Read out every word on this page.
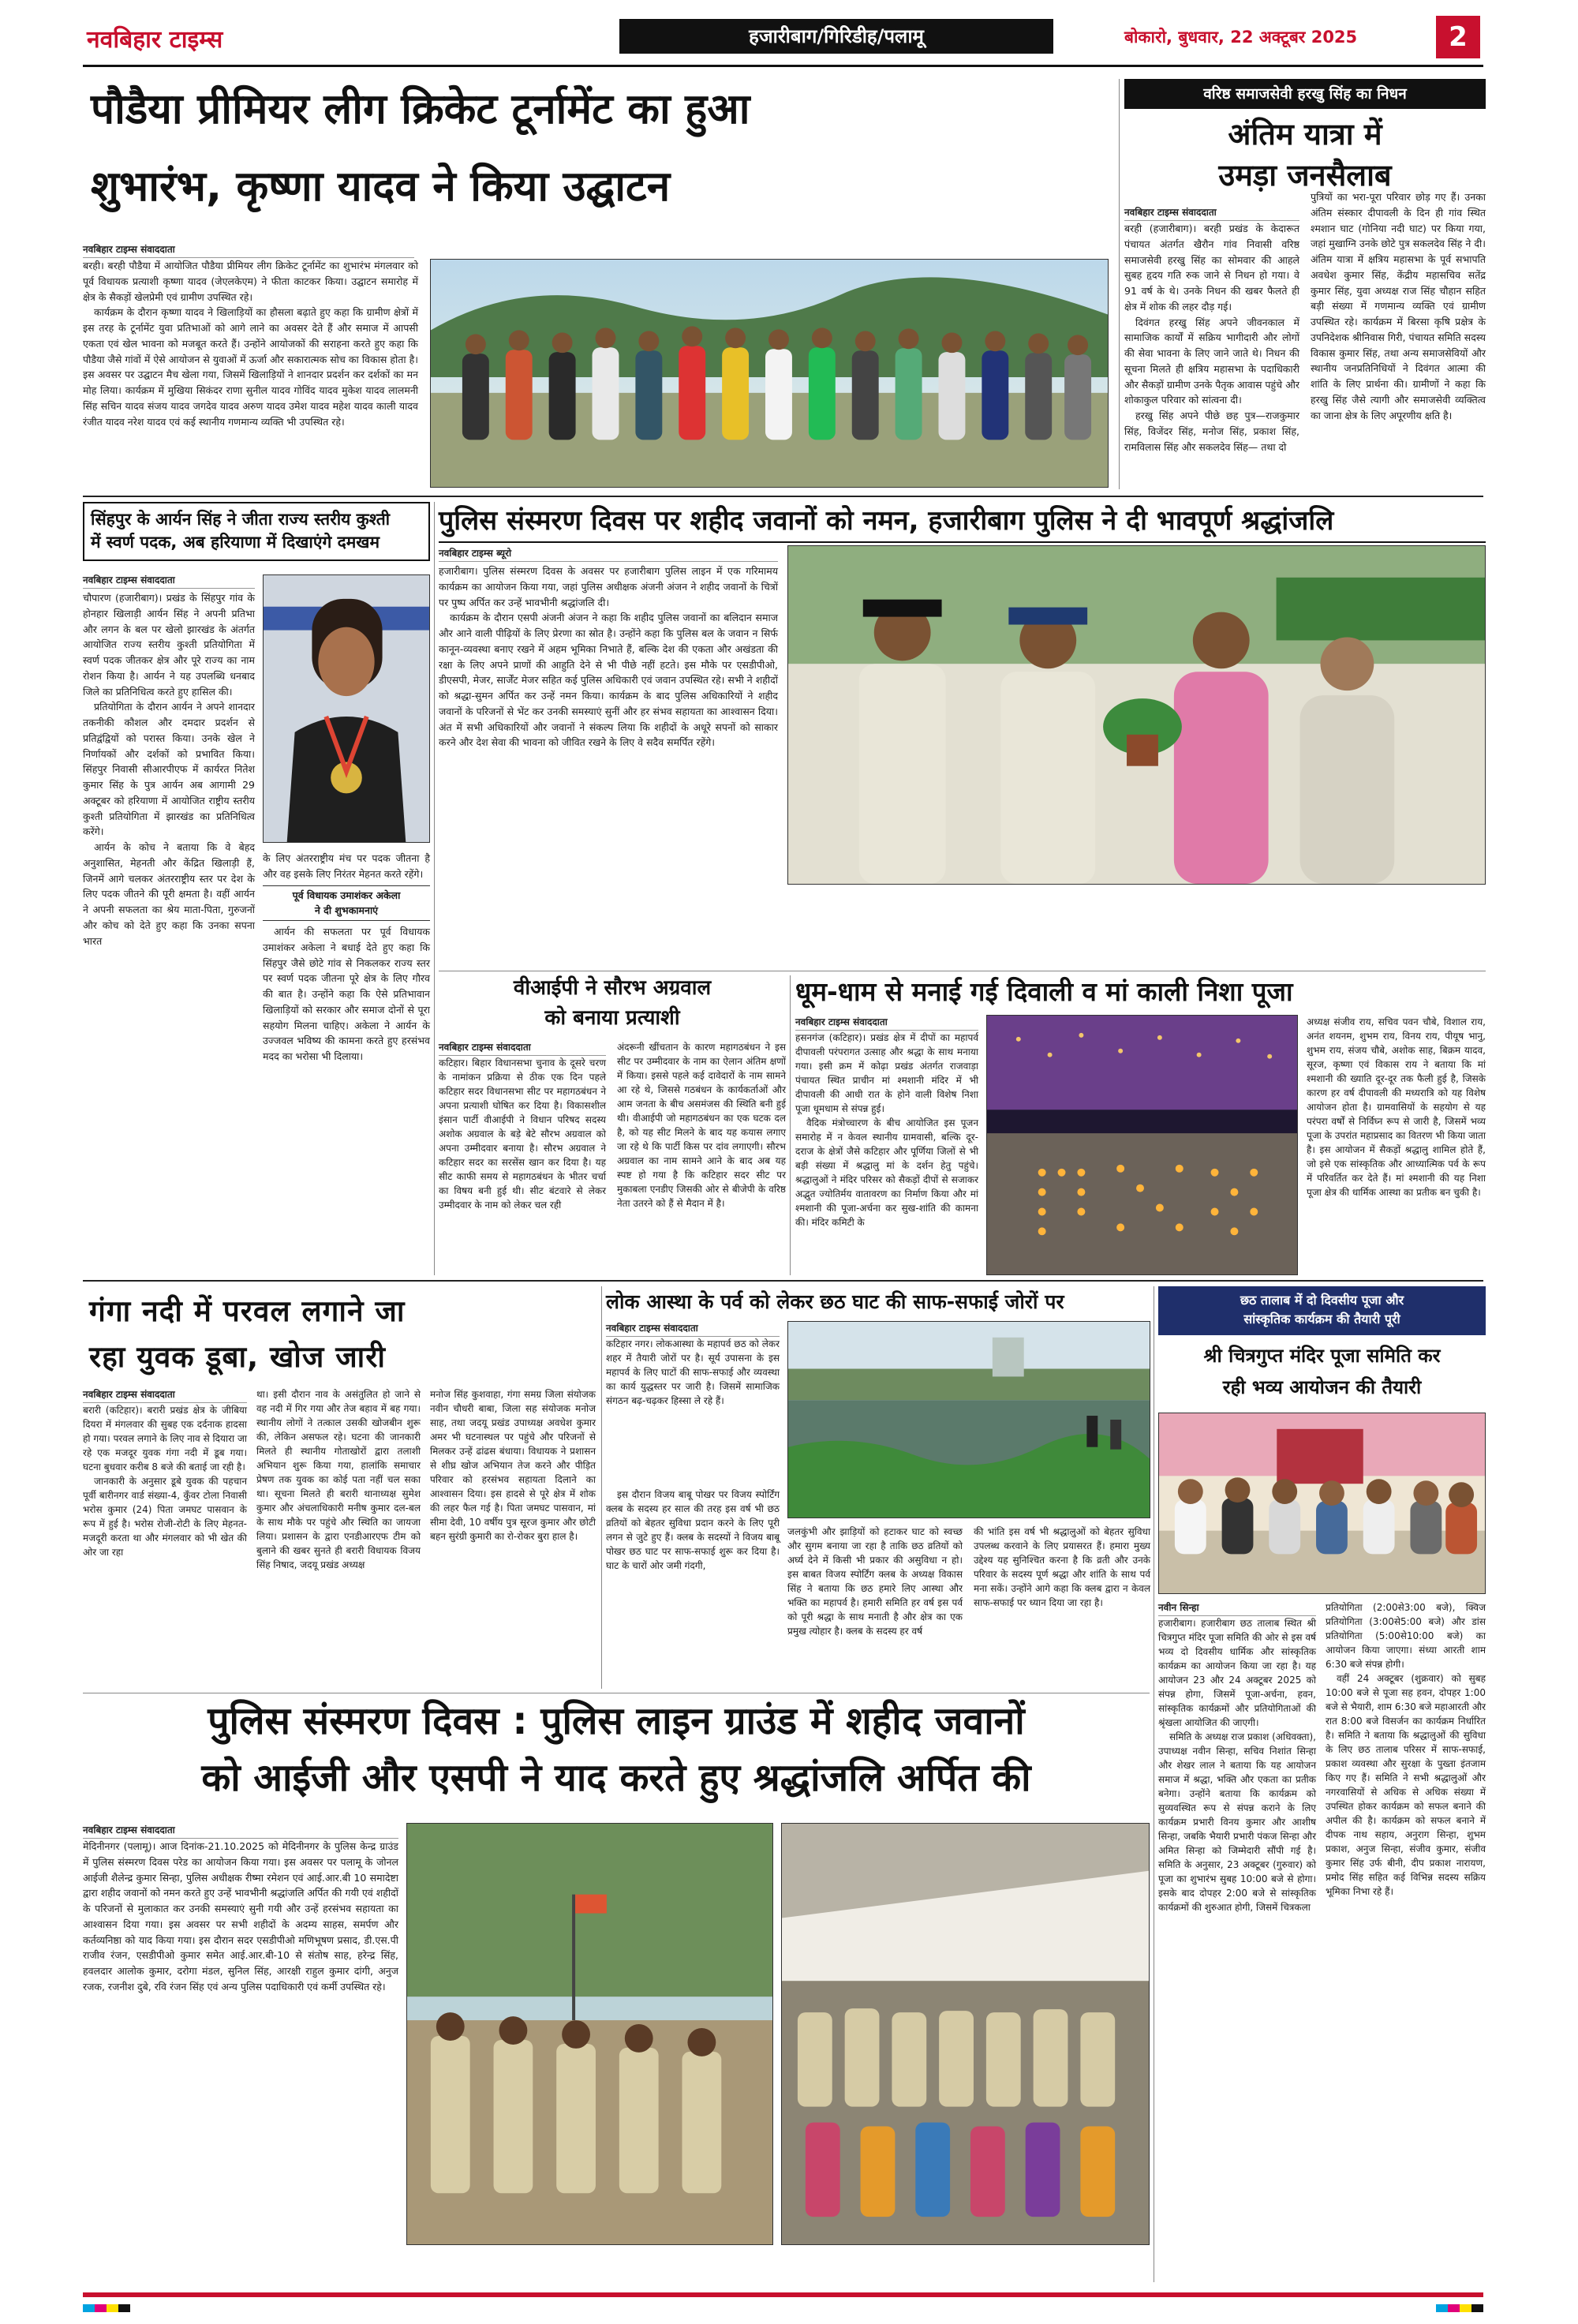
नवबिहार टाइम्स	हजारीबाग/गिरिडीह/पलामू	बोकारो, बुधवार, 22 अक्टूबर 2025	2
पौडैया प्रीमियर लीग क्रिकेट टूर्नामेंट का हुआ
शुभारंभ, कृष्णा यादव ने किया उद्घाटन
नवबिहार टाइम्स संवाददाता

बरही। बरही पौडैया में आयोजित पौडैया प्रीमियर लीग क्रिकेट टूर्नामेंट का शुभारंभ मंगलवार को पूर्व विधायक प्रत्याशी कृष्णा यादव (जेएलकेएम) ने फीता काटकर किया। उद्घाटन समारोह में क्षेत्र के सैकड़ों खेलप्रेमी एवं ग्रामीण उपस्थित रहे।

कार्यक्रम के दौरान कृष्णा यादव ने खिलाड़ियों का हौसला बढ़ाते हुए कहा कि ग्रामीण क्षेत्रों में इस तरह के टूर्नामेंट युवा प्रतिभाओं को आगे लाने का अवसर देते हैं और समाज में आपसी एकता एवं खेल भावना को मजबूत करते हैं। उन्होंने आयोजकों की सराहना करते हुए कहा कि पौडैया जैसे गांवों में ऐसे आयोजन से युवाओं में ऊर्जा और सकारात्मक सोच का विकास होता है। इस अवसर पर उद्घाटन मैच खेला गया, जिसमें खिलाड़ियों ने शानदार प्रदर्शन कर दर्शकों का मन मोह लिया। कार्यक्रम में मुखिया सिकंदर राणा सुनील यादव गोविंद यादव मुकेश यादव लालमनी सिंह सचिन यादव संजय यादव जगदेव यादव अरुण यादव उमेश यादव महेश यादव काली यादव रंजीत यादव नरेश यादव एवं कई स्थानीय गणमान्य व्यक्ति भी उपस्थित रहे।

वरिष्ठ समाजसेवी हरखु सिंह का निधन
अंतिम यात्रा में
उमड़ा जनसैलाब
नवबिहार टाइम्स संवाददाता

बरही (हजारीबाग)। बरही प्रखंड के केदारूत पंचायत अंतर्गत खैरौन गांव निवासी वरिष्ठ समाजसेवी हरखु सिंह का सोमवार की आहले सुबह हृदय गति रुक जाने से निधन हो गया। वे 91 वर्ष के थे। उनके निधन की खबर फैलते ही क्षेत्र में शोक की लहर दौड़ गई।

दिवंगत हरखु सिंह अपने जीवनकाल में सामाजिक कार्यों में सक्रिय भागीदारी और लोगों की सेवा भावना के लिए जाने जाते थे। निधन की सूचना मिलते ही क्षत्रिय महासभा के पदाधिकारी और सैकड़ों ग्रामीण उनके पैतृक आवास पहुंचे और शोकाकुल परिवार को सांत्वना दी।

हरखु सिंह अपने पीछे छह पुत्र—राजकुमार सिंह, विजेंदर सिंह, मनोज सिंह, प्रकाश सिंह, रामविलास सिंह और सकलदेव सिंह— तथा दो

पुत्रियों का भरा-पूरा परिवार छोड़ गए हैं। उनका अंतिम संस्कार दीपावली के दिन ही गांव स्थित श्मशान घाट (गोनिया नदी घाट) पर किया गया, जहां मुखाग्नि उनके छोटे पुत्र सकलदेव सिंह ने दी। अंतिम यात्रा में क्षत्रिय महासभा के पूर्व सभापति अवधेश कुमार सिंह, केंद्रीय महासचिव सतेंद्र कुमार सिंह, युवा अध्यक्ष राज सिंह चौहान सहित बड़ी संख्या में गणमान्य व्यक्ति एवं ग्रामीण उपस्थित रहे। कार्यक्रम में बिरसा कृषि प्रक्षेत्र के उपनिदेशक श्रीनिवास गिरी, पंचायत समिति सदस्य विकास कुमार सिंह, तथा अन्य समाजसेवियों और स्थानीय जनप्रतिनिधियों ने दिवंगत आत्मा की शांति के लिए प्रार्थना की। ग्रामीणों ने कहा कि हरखु सिंह जैसे त्यागी और समाजसेवी व्यक्तित्व का जाना क्षेत्र के लिए अपूरणीय क्षति है।

सिंहपुर के आर्यन सिंह ने जीता राज्य स्तरीय कुश्ती
में स्वर्ण पदक, अब हरियाणा में दिखाएंगे दमखम
नवबिहार टाइम्स संवाददाता

चौपारण (हजारीबाग)। प्रखंड के सिंहपुर गांव के होनहार खिलाड़ी आर्यन सिंह ने अपनी प्रतिभा और लगन के बल पर खेलो झारखंड के अंतर्गत आयोजित राज्य स्तरीय कुश्ती प्रतियोगिता में स्वर्ण पदक जीतकर क्षेत्र और पूरे राज्य का नाम रोशन किया है। आर्यन ने यह उपलब्धि धनबाद जिले का प्रतिनिधित्व करते हुए हासिल की।

प्रतियोगिता के दौरान आर्यन ने अपने शानदार तकनीकी कौशल और दमदार प्रदर्शन से प्रतिद्वंद्वियों को परास्त किया। उनके खेल ने निर्णायकों और दर्शकों को प्रभावित किया। सिंहपुर निवासी सीआरपीएफ में कार्यरत नितेश कुमार सिंह के पुत्र आर्यन अब आगामी 29 अक्टूबर को हरियाणा में आयोजित राष्ट्रीय स्तरीय कुश्ती प्रतियोगिता में झारखंड का प्रतिनिधित्व करेंगे।

आर्यन के कोच ने बताया कि वे बेहद अनुशासित, मेहनती और केंद्रित खिलाड़ी हैं, जिनमें आगे चलकर अंतरराष्ट्रीय स्तर पर देश के लिए पदक जीतने की पूरी क्षमता है। वहीं आर्यन ने अपनी सफलता का श्रेय माता-पिता, गुरुजनों और कोच को देते हुए कहा कि उनका सपना भारत

के लिए अंतरराष्ट्रीय मंच पर पदक जीतना है और वह इसके लिए निरंतर मेहनत करते रहेंगे।

पूर्व विधायक उमाशंकर अकेला
ने दी शुभकामनाएं

आर्यन की सफलता पर पूर्व विधायक उमाशंकर अकेला ने बधाई देते हुए कहा कि सिंहपुर जैसे छोटे गांव से निकलकर राज्य स्तर पर स्वर्ण पदक जीतना पूरे क्षेत्र के लिए गौरव की बात है। उन्होंने कहा कि ऐसे प्रतिभावान खिलाड़ियों को सरकार और समाज दोनों से पूरा सहयोग मिलना चाहिए। अकेला ने आर्यन के उज्जवल भविष्य की कामना करते हुए हरसंभव मदद का भरोसा भी दिलाया।

पुलिस संस्मरण दिवस पर शहीद जवानों को नमन, हजारीबाग पुलिस ने दी भावपूर्ण श्रद्धांजलि
नवबिहार टाइम्स ब्यूरो

हजारीबाग। पुलिस संस्मरण दिवस के अवसर पर हजारीबाग पुलिस लाइन में एक गरिमामय कार्यक्रम का आयोजन किया गया, जहां पुलिस अधीक्षक अंजनी अंजन ने शहीद जवानों के चित्रों पर पुष्प अर्पित कर उन्हें भावभीनी श्रद्धांजलि दी।

कार्यक्रम के दौरान एसपी अंजनी अंजन ने कहा कि शहीद पुलिस जवानों का बलिदान समाज और आने वाली पीढ़ियों के लिए प्रेरणा का स्रोत है। उन्होंने कहा कि पुलिस बल के जवान न सिर्फ कानून-व्यवस्था बनाए रखने में अहम भूमिका निभाते हैं, बल्कि देश की एकता और अखंडता की रक्षा के लिए अपने प्राणों की आहुति देने से भी पीछे नहीं हटते। इस मौके पर एसडीपीओ, डीएसपी, मेजर, सार्जेंट मेजर सहित कई पुलिस अधिकारी एवं जवान उपस्थित रहे। सभी ने शहीदों को श्रद्धा-सुमन अर्पित कर उन्हें नमन किया। कार्यक्रम के बाद पुलिस अधिकारियों ने शहीद जवानों के परिजनों से भेंट कर उनकी समस्याएं सुनीं और हर संभव सहायता का आश्वासन दिया। अंत में सभी अधिकारियों और जवानों ने संकल्प लिया कि शहीदों के अधूरे सपनों को साकार करने और देश सेवा की भावना को जीवित रखने के लिए वे सदैव समर्पित रहेंगे।

वीआईपी ने सौरभ अग्रवाल
को बनाया प्रत्याशी
नवबिहार टाइम्स संवाददाता

कटिहार। बिहार विधानसभा चुनाव के दूसरे चरण के नामांकन प्रक्रिया से ठीक एक दिन पहले कटिहार सदर विधानसभा सीट पर महागठबंधन ने अपना प्रत्याशी घोषित कर दिया है। विकासशील इंसान पार्टी वीआईपी ने विधान परिषद सदस्य अशोक अग्रवाल के बड़े बेटे सौरभ अग्रवाल को अपना उम्मीदवार बनाया है। सौरभ अग्रवाल ने कटिहार सदर का सरसेंस खान कर दिया है। यह सीट काफी समय से महागठबंधन के भीतर चर्चा का विषय बनी हुई थी। सीट बंटवारे से लेकर उम्मीदवार के नाम को लेकर चल रही

अंदरूनी खींचतान के कारण महागठबंधन ने इस सीट पर उम्मीदवार के नाम का ऐलान अंतिम क्षणों में किया। इससे पहले कई दावेदारों के नाम सामने आ रहे थे, जिससे गठबंधन के कार्यकर्ताओं और आम जनता के बीच असमंजस की स्थिति बनी हुई थी। वीआईपी जो महागठबंधन का एक घटक दल है, को यह सीट मिलने के बाद यह कयास लगाए जा रहे थे कि पार्टी किस पर दांव लगाएगी। सौरभ अग्रवाल का नाम सामने आने के बाद अब यह स्पष्ट हो गया है कि कटिहार सदर सीट पर मुकाबला एनडीए जिसकी ओर से बीजेपी के वरिष्ठ नेता उतरने को हैं से मैदान में है।

धूम-धाम से मनाई गई दिवाली व मां काली निशा पूजा
नवबिहार टाइम्स संवाददाता

हसनगंज (कटिहार)। प्रखंड क्षेत्र में दीपों का महापर्व दीपावली परंपरागत उत्साह और श्रद्धा के साथ मनाया गया। इसी क्रम में कोढ़ा प्रखंड अंतर्गत राजवाड़ा पंचायत स्थित प्राचीन मां श्मशानी मंदिर में भी दीपावली की आधी रात के होने वाली विशेष निशा पूजा धूमधाम से संपन्न हुई।

वैदिक मंत्रोच्चारण के बीच आयोजित इस पूजन समारोह में न केवल स्थानीय ग्रामवासी, बल्कि दूर-दराज के क्षेत्रों जैसे कटिहार और पूर्णिया जिलों से भी बड़ी संख्या में श्रद्धालु मां के दर्शन हेतु पहुंचे। श्रद्धालुओं ने मंदिर परिसर को सैकड़ों दीपों से सजाकर अद्भुत ज्योतिर्मय वातावरण का निर्माण किया और मां श्मशानी की पूजा-अर्चना कर सुख-शांति की कामना की। मंदिर कमिटी के

अध्यक्ष संजीव राय, सचिव पवन चौबे, विशाल राय, अनंत शयनम, शुभम राय, विनय राय, पीयूष भानु, शुभम राय, संजय चौबे, अशोक साह, बिक्रम यादव, सूरज, कृष्णा एवं विकास राय ने बताया कि मां श्मशानी की ख्याति दूर-दूर तक फैली हुई है, जिसके कारण हर वर्ष दीपावली की मध्यरात्रि को यह विशेष आयोजन होता है। ग्रामवासियों के सहयोग से यह परंपरा वर्षों से निर्विघ्न रूप से जारी है, जिसमें भव्य पूजा के उपरांत महाप्रसाद का वितरण भी किया जाता है। इस आयोजन में सैकड़ों श्रद्धालु शामिल होते हैं, जो इसे एक सांस्कृतिक और आध्यात्मिक पर्व के रूप में परिवर्तित कर देते हैं। मां श्मशानी की यह निशा पूजा क्षेत्र की धार्मिक आस्था का प्रतीक बन चुकी है।

गंगा नदी में परवल लगाने जा
रहा युवक डूबा, खोज जारी
नवबिहार टाइम्स संवाददाता

बरारी (कटिहार)। बरारी प्रखंड क्षेत्र के जीबिया दियरा में मंगलवार की सुबह एक दर्दनाक हादसा हो गया। परवल लगाने के लिए नाव से दियारा जा रहे एक मजदूर युवक गंगा नदी में डूब गया। घटना बुधवार करीब 8 बजे की बताई जा रही है।

जानकारी के अनुसार डूबे युवक की पहचान पूर्वी बारीनगर वार्ड संख्या-4, कुँवर टोला निवासी भरोस कुमार (24) पिता जमघट पासवान के रूप में हुई है। भरोस रोजी-रोटी के लिए मेहनत-मजदूरी करता था और मंगलवार को भी खेत की ओर जा रहा

था। इसी दौरान नाव के असंतुलित हो जाने से वह नदी में गिर गया और तेज बहाव में बह गया। स्थानीय लोगों ने तत्काल उसकी खोजबीन शुरू की, लेकिन असफल रहे। घटना की जानकारी मिलते ही स्थानीय गोताखोरों द्वारा तलाशी अभियान शुरू किया गया, हालांकि समाचार प्रेषण तक युवक का कोई पता नहीं चल सका था। सूचना मिलते ही बरारी थानाध्यक्ष सुमेश कुमार और अंचलाधिकारी मनीष कुमार दल-बल के साथ मौके पर पहुंचे और स्थिति का जायजा लिया। प्रशासन के द्वारा एनडीआरएफ टीम को बुलाने की खबर सुनते ही बरारी विधायक विजय सिंह निषाद, जदयू प्रखंड अध्यक्ष

मनोज सिंह कुशवाहा, गंगा समग्र जिला संयोजक नवीन चौधरी बाबा, जिला सह संयोजक मनोज साह, तथा जदयू प्रखंड उपाध्यक्ष अवधेश कुमार अमर भी घटनास्थल पर पहुंचे और परिजनों से मिलकर उन्हें ढांढस बंधाया। विधायक ने प्रशासन से शीघ्र खोज अभियान तेज करने और पीड़ित परिवार को हरसंभव सहायता दिलाने का आश्वासन दिया। इस हादसे से पूरे क्षेत्र में शोक की लहर फैल गई है। पिता जमघट पासवान, मां सीमा देवी, 10 वर्षीय पुत्र सूरज कुमार और छोटी बहन सुरंग्री कुमारी का रो-रोकर बुरा हाल है।

लोक आस्था के पर्व को लेकर छठ घाट की साफ-सफाई जोरों पर
नवबिहार टाइम्स संवाददाता

कटिहार नगर। लोकआस्था के महापर्व छठ को लेकर शहर में तैयारी जोरों पर है। सूर्य उपासना के इस महापर्व के लिए घाटों की साफ-सफाई और व्यवस्था का कार्य युद्धस्तर पर जारी है। जिसमें सामाजिक संगठन बढ़-चढ़कर हिस्सा ले रहे हैं।

इस दौरान विजय बाबू पोखर पर विजय स्पोर्टिंग क्लब के सदस्य हर साल की तरह इस वर्ष भी छठ व्रतियों को बेहतर सुविधा प्रदान करने के लिए पूरी लगन से जुटे हुए हैं। क्लब के सदस्यों ने विजय बाबू पोखर छठ घाट पर साफ-सफाई शुरू कर दिया है। घाट के चारों ओर जमी गंदगी,

जलकुंभी और झाड़ियों को हटाकर घाट को स्वच्छ और सुगम बनाया जा रहा है ताकि छठ व्रतियों को अर्घ्य देने में किसी भी प्रकार की असुविधा न हो। इस बाबत विजय स्पोर्टिंग क्लब के अध्यक्ष विकास सिंह ने बताया कि छठ हमारे लिए आस्था और भक्ति का महापर्व है। हमारी समिति हर वर्ष इस पर्व को पूरी श्रद्धा के साथ मनाती है और क्षेत्र का एक प्रमुख त्योहार है। क्लब के सदस्य हर वर्ष

की भांति इस वर्ष भी श्रद्धालुओं को बेहतर सुविधा उपलब्ध करवाने के लिए प्रयासरत हैं। हमारा मुख्य उद्देश्य यह सुनिश्चित करना है कि व्रती और उनके परिवार के सदस्य पूर्ण श्रद्धा और शांति के साथ पर्व मना सकें। उन्होंने आगे कहा कि क्लब द्वारा न केवल साफ-सफाई पर ध्यान दिया जा रहा है।

छठ तालाब में दो दिवसीय पूजा और
सांस्कृतिक कार्यक्रम की तैयारी पूरी
श्री चित्रगुप्त मंदिर पूजा समिति कर
रही भव्य आयोजन की तैयारी
नवीन सिन्हा

हजारीबाग। हजारीबाग छठ तालाब स्थित श्री चित्रगुप्त मंदिर पूजा समिति की ओर से इस वर्ष भव्य दो दिवसीय धार्मिक और सांस्कृतिक कार्यक्रम का आयोजन किया जा रहा है। यह आयोजन 23 और 24 अक्टूबर 2025 को संपन्न होगा, जिसमें पूजा-अर्चना, हवन, सांस्कृतिक कार्यक्रमों और प्रतियोगिताओं की श्रृंखला आयोजित की जाएगी।

समिति के अध्यक्ष राज प्रकाश (अधिवक्ता), उपाध्यक्ष नवीन सिन्हा, सचिव निशांत सिन्हा और शेखर लाल ने बताया कि यह आयोजन समाज में श्रद्धा, भक्ति और एकता का प्रतीक बनेगा। उन्होंने बताया कि कार्यक्रम को सुव्यवस्थित रूप से संपन्न कराने के लिए कार्यक्रम प्रभारी विनय कुमार और आशीष सिन्हा, जबकि भैयारी प्रभारी पंकज सिन्हा और अमित सिन्हा को जिम्मेदारी सौंपी गई है। समिति के अनुसार, 23 अक्टूबर (गुरुवार) को पूजा का शुभारंभ सुबह 10:00 बजे से होगा। इसके बाद दोपहर 2:00 बजे से सांस्कृतिक कार्यक्रमों की शुरुआत होगी, जिसमें चित्रकला

प्रतियोगिता (2:00से3:00 बजे), क्विज प्रतियोगिता (3:00से5:00 बजे) और डांस प्रतियोगिता (5:00से10:00 बजे) का आयोजन किया जाएगा। संध्या आरती शाम 6:30 बजे संपन्न होगी।

वहीं 24 अक्टूबर (शुक्रवार) को सुबह 10:00 बजे से पूजा सह हवन, दोपहर 1:00 बजे से भैयारी, शाम 6:30 बजे महाआरती और रात 8:00 बजे विसर्जन का कार्यक्रम निर्धारित है। समिति ने बताया कि श्रद्धालुओं की सुविधा के लिए छठ तालाब परिसर में साफ-सफाई, प्रकाश व्यवस्था और सुरक्षा के पुख्ता इंतजाम किए गए हैं। समिति ने सभी श्रद्धालुओं और नगरवासियों से अधिक से अधिक संख्या में उपस्थित होकर कार्यक्रम को सफल बनाने की अपील की है। कार्यक्रम को सफल बनाने में दीपक नाथ सहाय, अनुराग सिन्हा, शुभम प्रकाश, अनुज सिन्हा, संजीव कुमार, संजीव कुमार सिंह उर्फ बीनी, दीप प्रकाश नारायण, प्रमोद सिंह सहित कई विभिन्न सदस्य सक्रिय भूमिका निभा रहे हैं।

पुलिस संस्मरण दिवस : पुलिस लाइन ग्राउंड में शहीद जवानों
को आईजी और एसपी ने याद करते हुए श्रद्धांजलि अर्पित की
नवबिहार टाइम्स संवाददाता

मेदिनीनगर (पलामू)। आज दिनांक-21.10.2025 को मेदिनीनगर के पुलिस केन्द्र ग्राउंड में पुलिस संस्मरण दिवस परेड का आयोजन किया गया। इस अवसर पर पलामू के जोनल आईजी शैलेन्द्र कुमार सिन्हा, पुलिस अधीक्षक रीष्मा रमेशन एवं आई.आर.बी 10 समादेष्टा द्वारा शहीद जवानों को नमन करते हुए उन्हें भावभीनी श्रद्धांजलि अर्पित की गयी एवं शहीदों के परिजनों से मुलाकात कर उनकी समस्याएं सुनी गयी और उन्हें हरसंभव सहायता का आश्वासन दिया गया। इस अवसर पर सभी शहीदों के अदम्य साहस, समर्पण और कर्तव्यनिष्ठा को याद किया गया। इस दौरान सदर एसडीपीओ मणिभूषण प्रसाद, डी.एस.पी राजीव रंजन, एसडीपीओ कुमार समेत आई.आर.बी-10 से संतोष साह, हरेन्द्र सिंह, हवलदार आलोक कुमार, दरोगा मंडल, सुनिल सिंह, आरक्षी राहुल कुमार दांगी, अनुज रजक, रजनीश दुबे, रवि रंजन सिंह एवं अन्य पुलिस पदाधिकारी एवं कर्मी उपस्थित रहे।
